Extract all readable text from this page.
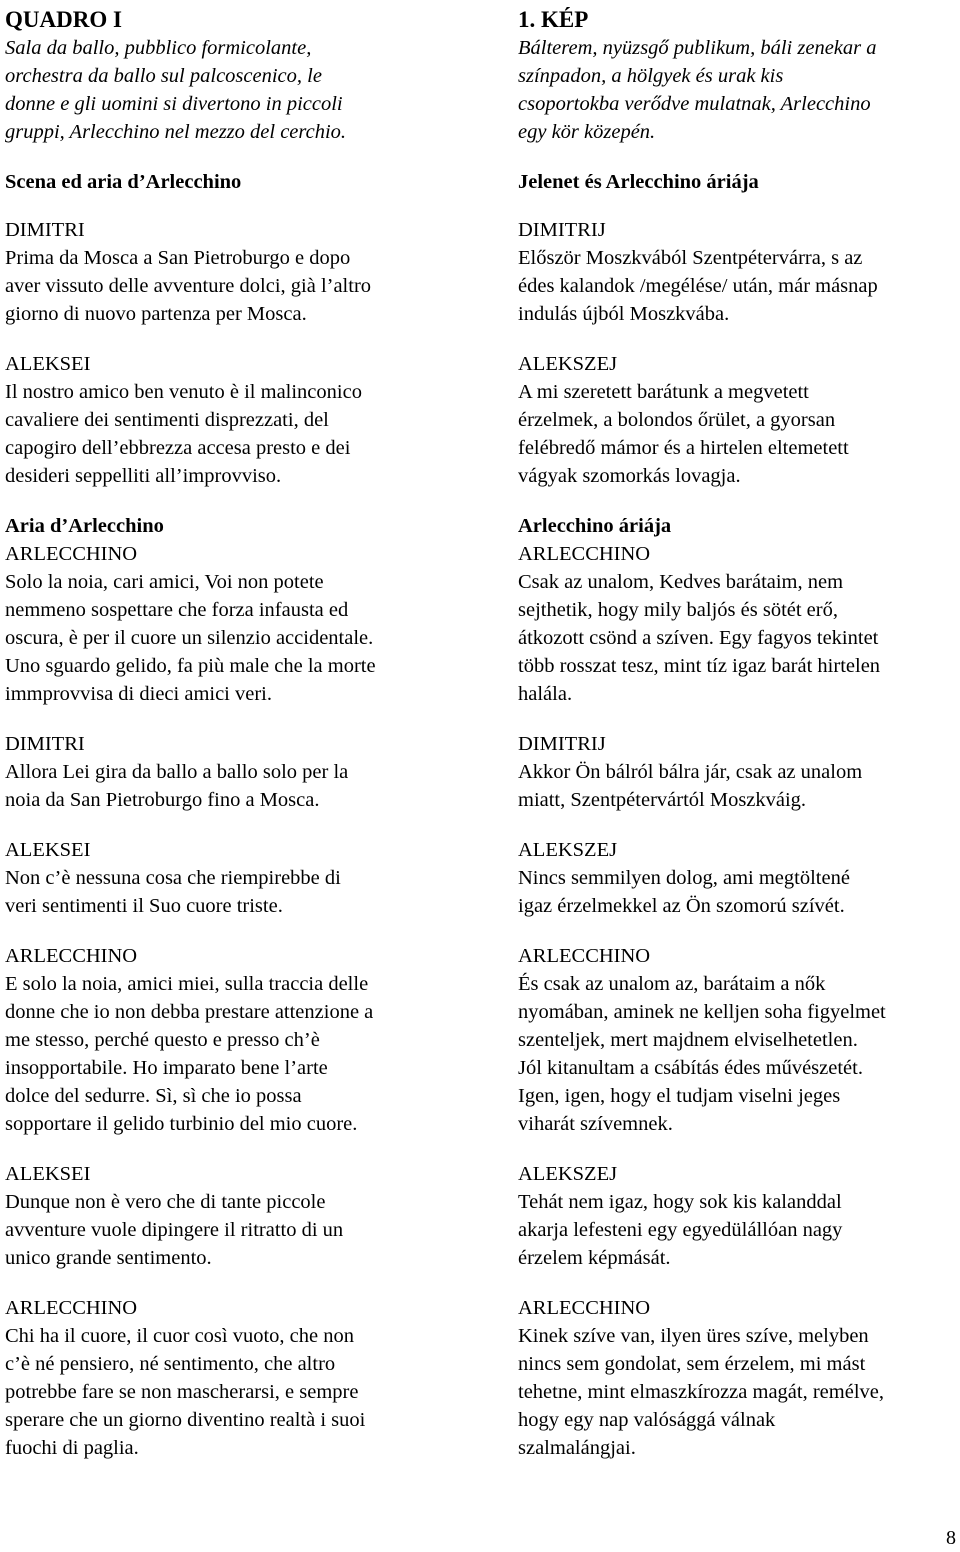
QUADRO I
Sala da ballo, pubblico formicolante,
orchestra da ballo sul palcoscenico, le
donne e gli uomini si divertono in piccoli
gruppi, Arlecchino nel mezzo del cerchio.
Scena ed aria d’Arlecchino
DIMITRI
Prima da Mosca a San Pietroburgo e dopo
aver vissuto delle avventure dolci, già l’altro
giorno di nuovo partenza per Mosca.
ALEKSEI
Il nostro amico ben venuto è il malinconico
cavaliere dei sentimenti disprezzati, del
capogiro dell’ebbrezza accesa presto e dei
desideri seppelliti all’improvviso.
Aria d’Arlecchino
ARLECCHINO
Solo la noia, cari amici, Voi non potete
nemmeno sospettare che forza infausta ed
oscura, è per il cuore un silenzio accidentale.
Uno sguardo gelido, fa più male che la morte
immprovvisa di dieci amici veri.
DIMITRI
Allora Lei gira da ballo a ballo solo per la
noia da San Pietroburgo fino a Mosca.
ALEKSEI
Non c’è nessuna cosa che riempirebbe di
veri sentimenti il Suo cuore triste.
ARLECCHINO
E solo la noia, amici miei, sulla traccia delle
donne che io non debba prestare attenzione a
me stesso, perché questo e presso ch’è
insopportabile. Ho imparato bene l’arte
dolce del sedurre. Sì, sì che io possa
sopportare il gelido turbinio del mio cuore.
ALEKSEI
Dunque non è vero che di tante piccole
avventure vuole dipingere il ritratto di un
unico grande sentimento.
ARLECCHINO
Chi ha il cuore, il cuor così vuoto, che non
c’è né pensiero, né sentimento, che altro
potrebbe fare se non mascherarsi, e sempre
sperare che un giorno diventino realtà i suoi
fuochi di paglia.
1. KÉP
Bálterem, nyüzsgő publikum, báli zenekar a
színpadon, a hölgyek és urak kis
csoportokba verődve mulatnak, Arlecchino
egy kör közepén.
Jelenet és Arlecchino áriája
DIMITRIJ
Először Moszkvából Szentpétervárra, s az
édes kalandok /megélése/ után, már másnap
indulás újból Moszkvába.
ALEKSZEJ
A mi szeretett barátunk a megvetett
érzelmek, a bolondos őrület, a gyorsan
felébredő mámor és a hirtelen eltemetett
vágyak szomorkás lovagja.
Arlecchino áriája
ARLECCHINO
Csak az unalom, Kedves barátaim, nem
sejthetik, hogy mily baljós és sötét erő,
átkozott csönd a szíven. Egy fagyos tekintet
több rosszat tesz, mint tíz igaz barát hirtelen
halála.
DIMITRIJ
Akkor Ön bálról bálra jár, csak az unalom
miatt, Szentpétervártól Moszkváig.
ALEKSZEJ
Nincs semmilyen dolog, ami megtöltené
igaz érzelmekkel az Ön szomorú szívét.
ARLECCHINO
És csak az unalom az, barátaim a nők
nyomában, aminek ne kelljen soha figyelmet
szenteljek, mert majdnem elviselhetetlen.
Jól kitanultam a csábítás édes művészetét.
Igen, igen, hogy el tudjam viselni jeges
viharát szívemnek.
ALEKSZEJ
Tehát nem igaz, hogy sok kis kalanddal
akarja lefesteni egy egyedülállóan nagy
érzelem képmását.
ARLECCHINO
Kinek szíve van, ilyen üres szíve, melyben
nincs sem gondolat, sem érzelem, mi mást
tehetne, mint elmaszkírozza magát, remélve,
hogy egy nap valósággá válnak
szalmalángjai.
8
